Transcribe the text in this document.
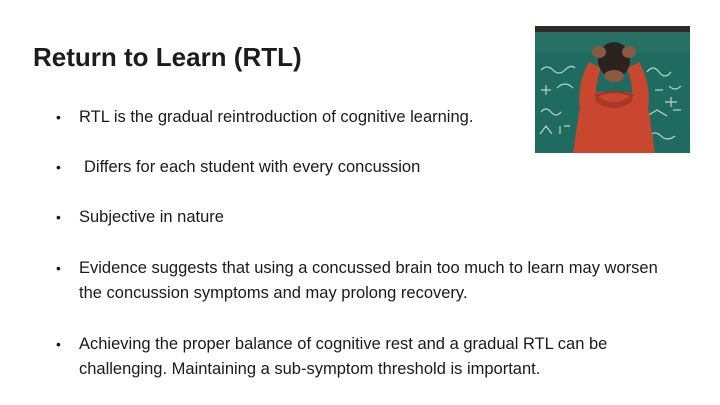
Return to Learn (RTL)
•	RTL is the gradual reintroduction of cognitive learning.
•	Differs for each student with every concussion
•	Subjective in nature
•	Evidence suggests that using a concussed brain too much to learn may worsen the concussion symptoms and may prolong recovery.
•	Achieving the proper balance of cognitive rest and a gradual RTL can be challenging. Maintaining a sub-symptom threshold is important.
